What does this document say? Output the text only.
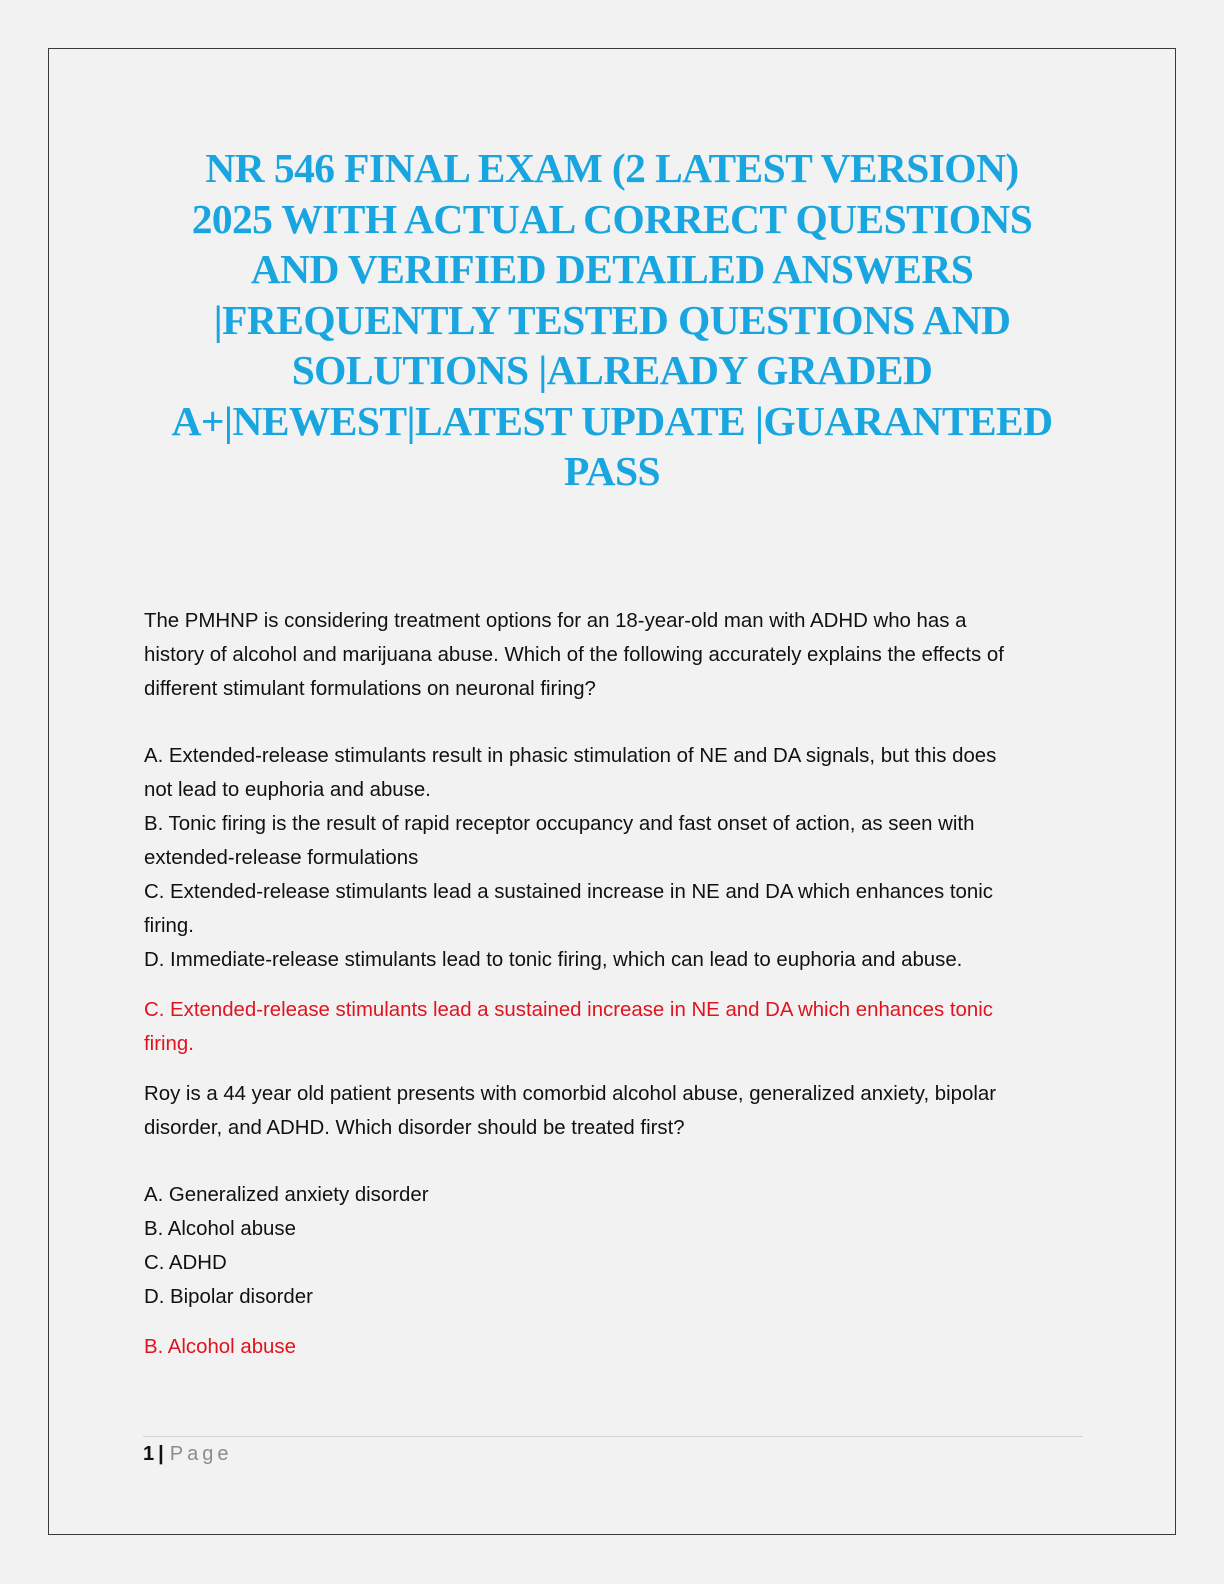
NR 546 FINAL EXAM (2 LATEST VERSION)
2025 WITH ACTUAL CORRECT QUESTIONS
AND VERIFIED DETAILED ANSWERS
|FREQUENTLY TESTED QUESTIONS AND
SOLUTIONS |ALREADY GRADED
A+|NEWEST|LATEST UPDATE |GUARANTEED
PASS

The PMHNP is considering treatment options for an 18-year-old man with ADHD who has a

history of alcohol and marijuana abuse. Which of the following accurately explains the effects of

different stimulant formulations on neuronal firing?

A. Extended-release stimulants result in phasic stimulation of NE and DA signals, but this does

not lead to euphoria and abuse.

B. Tonic firing is the result of rapid receptor occupancy and fast onset of action, as seen with

extended-release formulations

C. Extended-release stimulants lead a sustained increase in NE and DA which enhances tonic

firing.

D. Immediate-release stimulants lead to tonic firing, which can lead to euphoria and abuse.

C. Extended-release stimulants lead a sustained increase in NE and DA which enhances tonic

firing.

Roy is a 44 year old patient presents with comorbid alcohol abuse, generalized anxiety, bipolar

disorder, and ADHD. Which disorder should be treated first?

A. Generalized anxiety disorder

B. Alcohol abuse

C. ADHD

D. Bipolar disorder

B. Alcohol abuse

1 | Page
